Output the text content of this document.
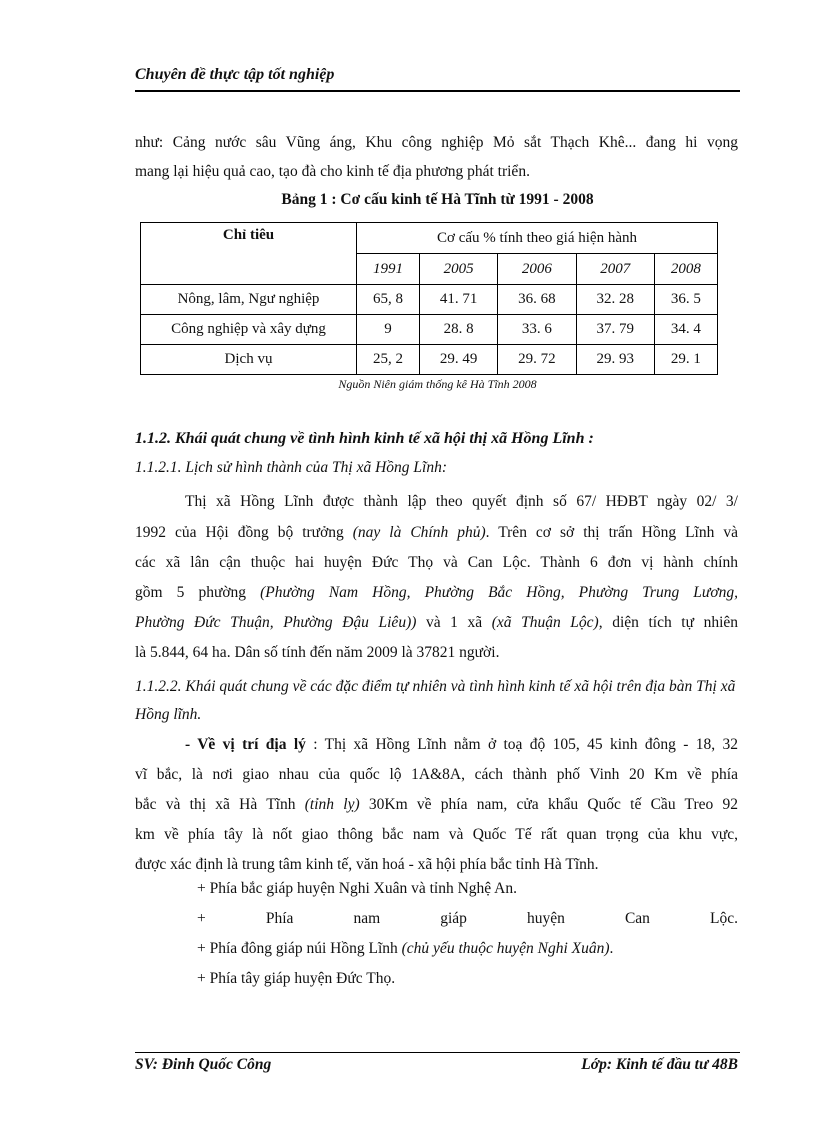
Chuyên đề thực tập tốt nghiệp
như: Cảng nước sâu Vũng áng, Khu công nghiệp Mỏ sắt Thạch Khê... đang hi vọng
mang lại hiệu quả cao, tạo đà cho kinh tế địa phương phát triển.
Bảng 1 : Cơ cấu kinh tế Hà Tĩnh từ 1991 - 2008
Chỉ tiêu	Cơ cấu % tính theo giá hiện hành				
	1991	2005	2006	2007	2008
Nông, lâm, Ngư nghiệp	65, 8	41. 71	36. 68	32. 28	36. 5
Công nghiệp và xây dựng	9	28. 8	33. 6	37. 79	34. 4
Dịch vụ	25, 2	29. 49	29. 72	29. 93	29. 1
Nguồn Niên giám thống kê Hà Tĩnh 2008
1.1.2. Khái quát chung về tình hình kinh tế xã hội thị xã Hồng Lĩnh :
1.1.2.1. Lịch sử hình thành của Thị xã Hồng Lĩnh:
Thị xã Hồng Lĩnh được thành lập theo quyết định số 67/ HĐBT ngày 02/ 3/
1992 của Hội đồng bộ trưởng (nay là Chính phủ). Trên cơ sở thị trấn Hồng Lĩnh và
các xã lân cận thuộc hai huyện Đức Thọ và Can Lộc. Thành 6 đơn vị hành chính
gồm 5 phường (Phường Nam Hồng, Phường Bắc Hồng, Phường Trung Lương,
Phường Đức Thuận, Phường Đậu Liêu)) và 1 xã (xã Thuận Lộc), diện tích tự nhiên
là 5.844, 64 ha. Dân số tính đến năm 2009 là 37821 người.
1.1.2.2. Khái quát chung về các đặc điểm tự nhiên và tình hình kinh tế xã hội trên địa bàn Thị xã Hồng lĩnh.
- Về vị trí địa lý : Thị xã Hồng Lĩnh nằm ở toạ độ 105, 45 kinh đông - 18, 32
vĩ bắc, là nơi giao nhau của quốc lộ 1A&8A, cách thành phố Vinh 20 Km về phía
bắc và thị xã Hà Tĩnh (tỉnh lỵ) 30Km về phía nam, cửa khẩu Quốc tế Cầu Treo 92
km về phía tây là nốt giao thông bắc nam và Quốc Tế rất quan trọng của khu vực,
được xác định là trung tâm kinh tế, văn hoá - xã hội phía bắc tỉnh Hà Tĩnh.
+ Phía bắc giáp huyện Nghi Xuân và tỉnh Nghệ An.
+ Phía nam giáp huyện Can Lộc.
+ Phía đông giáp núi Hồng Lĩnh (chủ yếu thuộc huyện Nghi Xuân).
+ Phía tây giáp huyện Đức Thọ.
SV: Đinh Quốc Công	Lớp: Kinh tế đầu tư 48B
